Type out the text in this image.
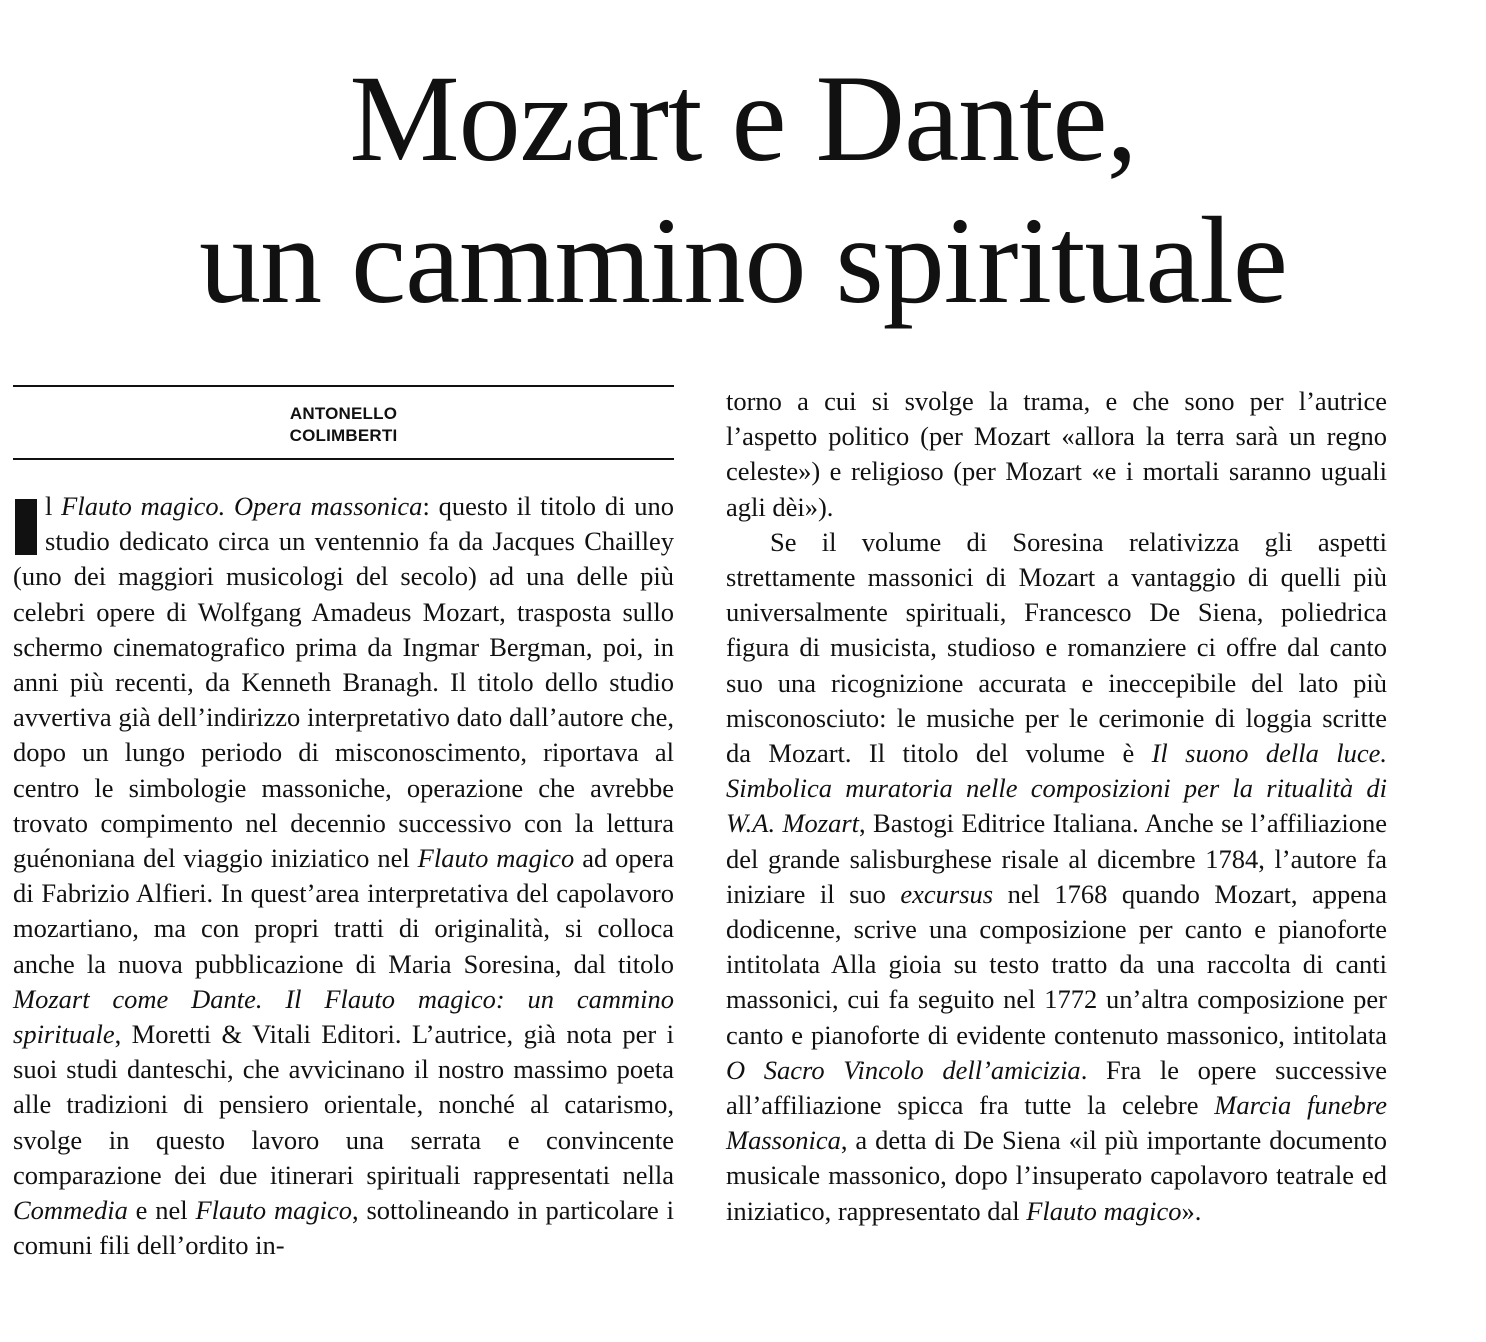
Mozart e Dante,
un cammino spirituale
ANTONELLO
COLIMBERTI

l Flauto magico. Opera massonica: questo il titolo di uno studio dedicato circa un ventennio fa da Jacques Chailley (uno dei maggiori musicologi del secolo) ad una delle più celebri opere di Wolfgang Amadeus Mozart, trasposta sullo schermo cinematografico prima da Ingmar Bergman, poi, in anni più recenti, da Kenneth Branagh. Il titolo dello studio avvertiva già dell’indirizzo interpretativo dato dall’autore che, dopo un lungo periodo di misconoscimento, riportava al centro le simbologie massoniche, operazione che avrebbe trovato compimento nel decennio successivo con la lettura guénoniana del viaggio iniziatico nel Flauto magico ad opera di Fabrizio Alfieri. In quest’area interpretativa del capolavoro mozartiano, ma con propri tratti di originalità, si colloca anche la nuova pubblicazione di Maria Soresina, dal titolo Mozart come Dante. Il Flauto magico: un cammino spirituale, Moretti & Vitali Editori. L’autrice, già nota per i suoi studi danteschi, che avvicinano il nostro massimo poeta alle tradizioni di pensiero orientale, nonché al catarismo, svolge in questo lavoro una serrata e convincente comparazione dei due itinerari spirituali rappresentati nella Commedia e nel Flauto magico, sottolineando in particolare i comuni fili dell’ordito in-

torno a cui si svolge la trama, e che sono per l’autrice l’aspetto politico (per Mozart «allora la terra sarà un regno celeste») e religioso (per Mozart «e i mortali saranno uguali agli dèi»).

Se il volume di Soresina relativizza gli aspetti strettamente massonici di Mozart a vantaggio di quelli più universalmente spirituali, Francesco De Siena, poliedrica figura di musicista, studioso e romanziere ci offre dal canto suo una ricognizione accurata e ineccepibile del lato più misconosciuto: le musiche per le cerimonie di loggia scritte da Mozart. Il titolo del volume è Il suono della luce. Simbolica muratoria nelle composizioni per la ritualità di W.A. Mozart, Bastogi Editrice Italiana. Anche se l’affiliazione del grande salisburghese risale al dicembre 1784, l’autore fa iniziare il suo excursus nel 1768 quando Mozart, appena dodicenne, scrive una composizione per canto e pianoforte intitolata Alla gioia su testo tratto da una raccolta di canti massonici, cui fa seguito nel 1772 un’altra composizione per canto e pianoforte di evidente contenuto massonico, intitolata O Sacro Vincolo dell’amicizia. Fra le opere successive all’affiliazione spicca fra tutte la celebre Marcia funebre Massonica, a detta di De Siena «il più importante documento musicale massonico, dopo l’insuperato capolavoro teatrale ed iniziatico, rappresentato dal Flauto magico».
